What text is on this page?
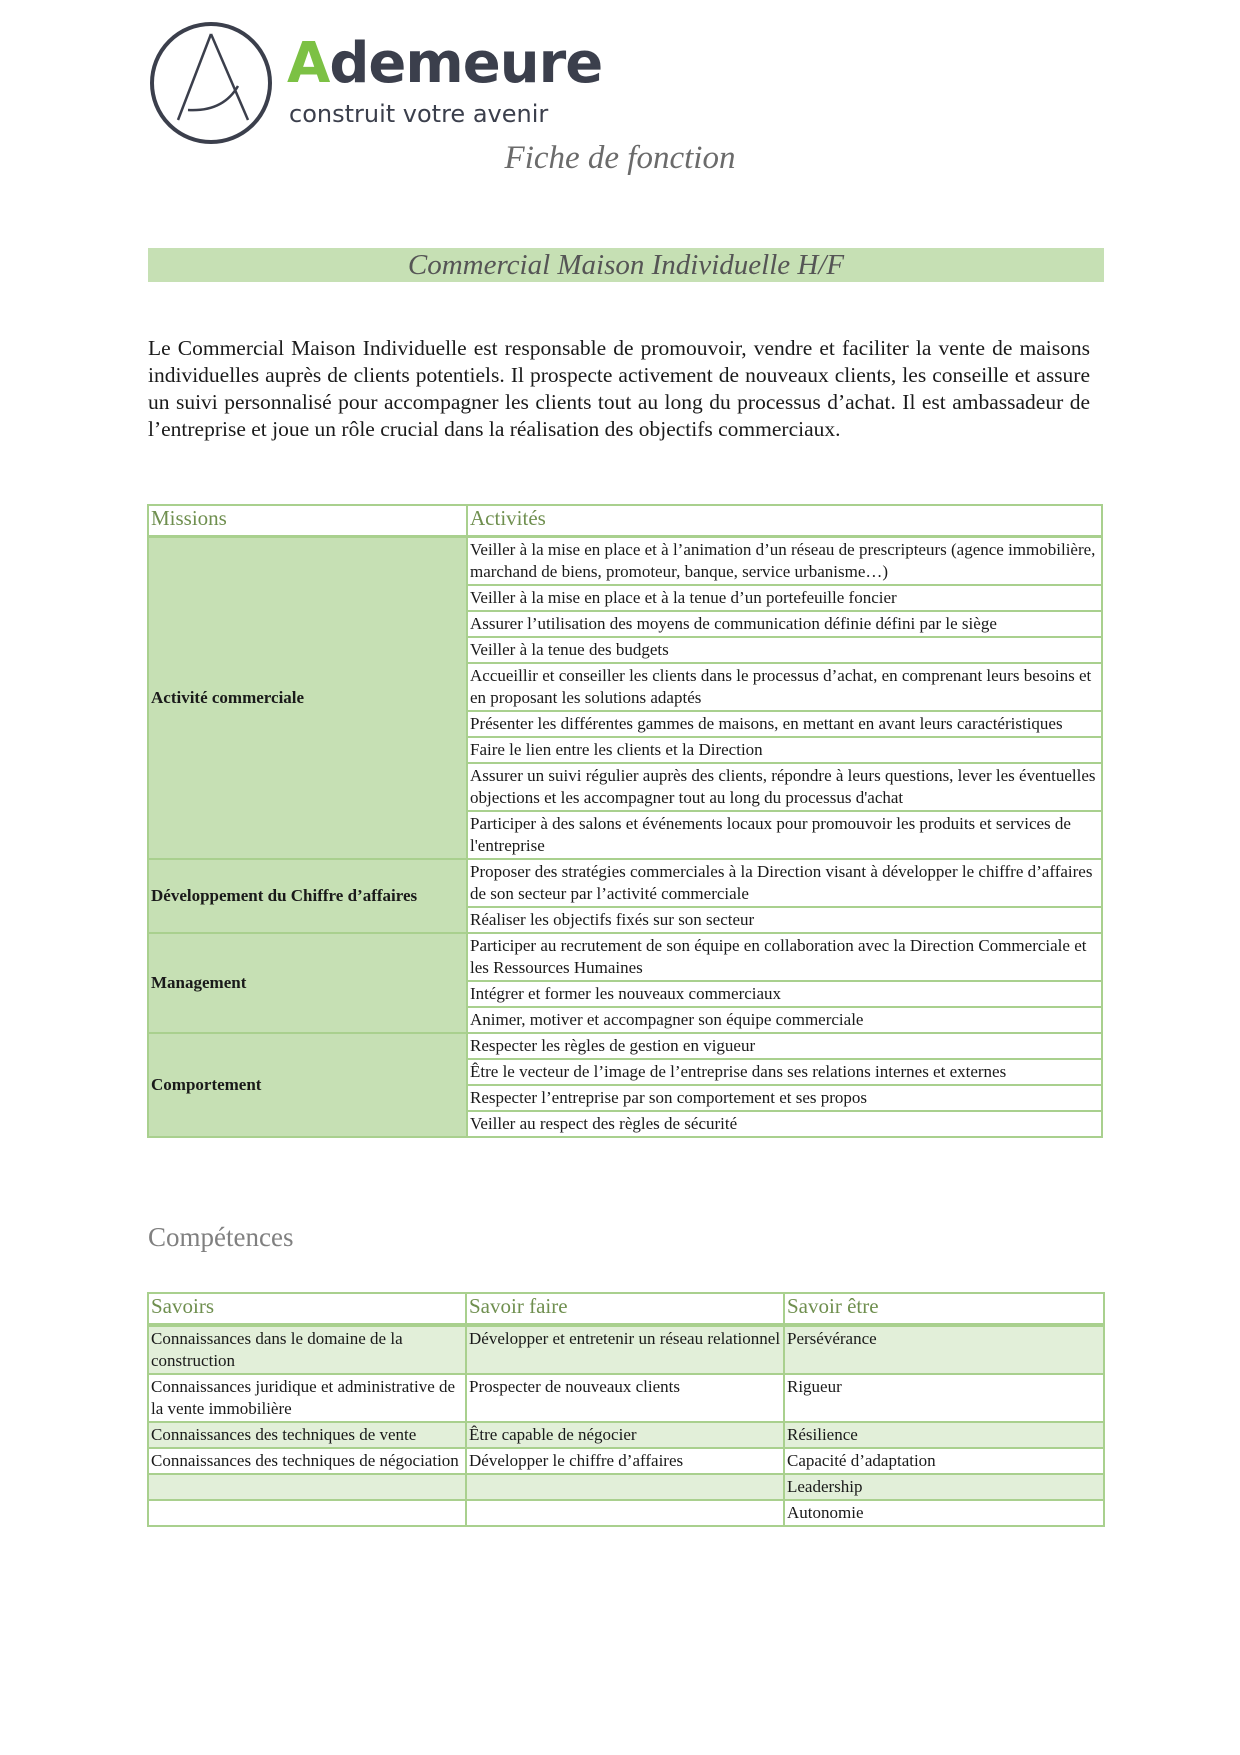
Ademeure
construit votre avenir
Fiche de fonction
Commercial Maison Individuelle H/F
Le Commercial Maison Individuelle est responsable de promouvoir, vendre et faciliter la vente de maisons individuelles auprès de clients potentiels. Il prospecte activement de nouveaux clients, les conseille et assure un suivi personnalisé pour accompagner les clients tout au long du processus d’achat. Il est ambassadeur de l’entreprise et joue un rôle crucial dans la réalisation des objectifs commerciaux.
Missions	Activités
Activité commerciale	Veiller à la mise en place et à l’animation d’un réseau de prescripteurs (agence immobilière, marchand de biens, promoteur, banque, service urbanisme…)
	Veiller à la mise en place et à la tenue d’un portefeuille foncier
	Assurer l’utilisation des moyens de communication définie défini par le siège
	Veiller à la tenue des budgets
	Accueillir et conseiller les clients dans le processus d’achat, en comprenant leurs besoins et en proposant les solutions adaptés
	Présenter les différentes gammes de maisons, en mettant en avant leurs caractéristiques
	Faire le lien entre les clients et la Direction
	Assurer un suivi régulier auprès des clients, répondre à leurs questions, lever les éventuelles objections et les accompagner tout au long du processus d'achat
	Participer à des salons et événements locaux pour promouvoir les produits et services de l'entreprise
Développement du Chiffre d’affaires	Proposer des stratégies commerciales à la Direction visant à développer le chiffre d’affaires de son secteur par l’activité commerciale
	Réaliser les objectifs fixés sur son secteur
Management	Participer au recrutement de son équipe en collaboration avec la Direction Commerciale et les Ressources Humaines
	Intégrer et former les nouveaux commerciaux
	Animer, motiver et accompagner son équipe commerciale
Comportement	Respecter les règles de gestion en vigueur
	Être le vecteur de l’image de l’entreprise dans ses relations internes et externes
	Respecter l’entreprise par son comportement et ses propos
	Veiller au respect des règles de sécurité
Compétences
Savoirs	Savoir faire	Savoir être
Connaissances dans le domaine de la construction	Développer et entretenir un réseau relationnel	Persévérance
Connaissances juridique et administrative de la vente immobilière	Prospecter de nouveaux clients	Rigueur
Connaissances des techniques de vente	Être capable de négocier	Résilience
Connaissances des techniques de négociation	Développer le chiffre d’affaires	Capacité d’adaptation
		Leadership
		Autonomie
